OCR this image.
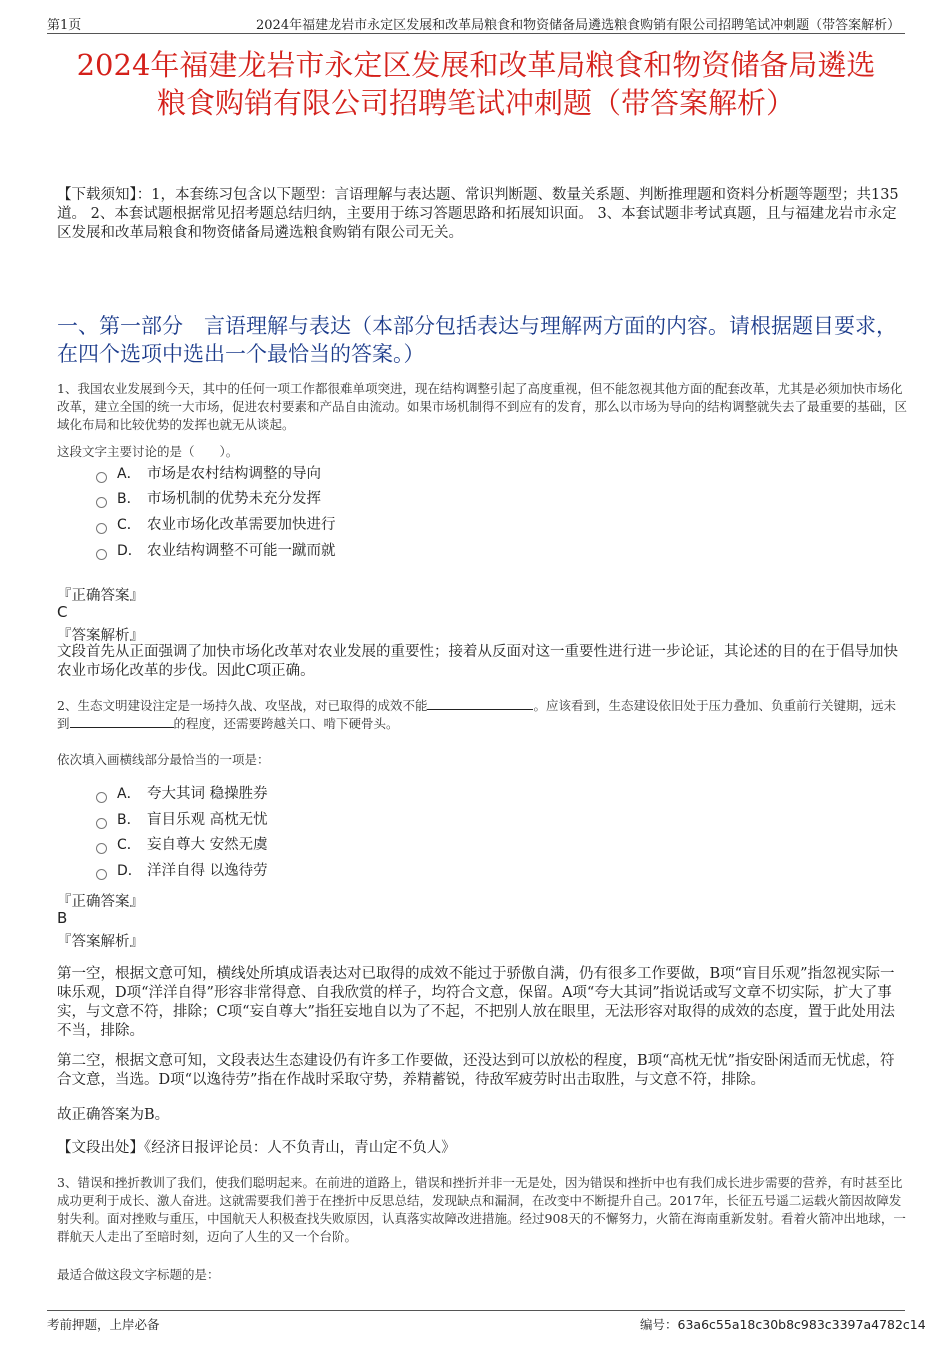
第1页	2024年福建龙岩市永定区发展和改革局粮食和物资储备局遴选粮食购销有限公司招聘笔试冲刺题（带答案解析）
2024年福建龙岩市永定区发展和改革局粮食和物资储备局遴选
粮食购销有限公司招聘笔试冲刺题（带答案解析）
【下载须知】：1，本套练习包含以下题型：言语理解与表达题、常识判断题、数量关系题、判断推理题和资料分析题等题型；共135道。 2、本套试题根据常见招考题总结归纳，主要用于练习答题思路和拓展知识面。 3、本套试题非考试真题，且与福建龙岩市永定区发展和改革局粮食和物资储备局遴选粮食购销有限公司无关。
一、第一部分　言语理解与表达（本部分包括表达与理解两方面的内容。请根据题目要求，在四个选项中选出一个最恰当的答案。）
1、我国农业发展到今天，其中的任何一项工作都很难单项突进，现在结构调整引起了高度重视，但不能忽视其他方面的配套改革，尤其是必须加快市场化改革，建立全国的统一大市场，促进农村要素和产品自由流动。如果市场机制得不到应有的发育，那么以市场为导向的结构调整就失去了最重要的基础，区域化布局和比较优势的发挥也就无从谈起。
这段文字主要讨论的是（　　）。
A． 市场是农村结构调整的导向
B． 市场机制的优势未充分发挥
C． 农业市场化改革需要加快进行
D． 农业结构调整不可能一蹴而就
『正确答案』
C
『答案解析』
文段首先从正面强调了加快市场化改革对农业发展的重要性；接着从反面对这一重要性进行进一步论证，其论述的目的在于倡导加快农业市场化改革的步伐。因此C项正确。
2、生态文明建设注定是一场持久战、攻坚战，对已取得的成效不能	。应该看到，生态建设依旧处于压力叠加、负重前行关键期，远未到	的程度，还需要跨越关口、啃下硬骨头。
依次填入画横线部分最恰当的一项是：
A． 夸大其词 稳操胜券
B． 盲目乐观 高枕无忧
C． 妄自尊大 安然无虞
D． 洋洋自得 以逸待劳
『正确答案』
B
『答案解析』
第一空，根据文意可知，横线处所填成语表达对已取得的成效不能过于骄傲自满，仍有很多工作要做，B项“盲目乐观”指忽视实际一味乐观，D项“洋洋自得”形容非常得意、自我欣赏的样子，均符合文意，保留。A项“夸大其词”指说话或写文章不切实际，扩大了事实，与文意不符，排除；C项“妄自尊大”指狂妄地自以为了不起，不把别人放在眼里，无法形容对取得的成效的态度，置于此处用法不当，排除。
第二空，根据文意可知，文段表达生态建设仍有许多工作要做，还没达到可以放松的程度，B项“高枕无忧”指安卧闲适而无忧虑，符合文意，当选。D项“以逸待劳”指在作战时采取守势，养精蓄锐，待敌军疲劳时出击取胜，与文意不符，排除。
故正确答案为B。
【文段出处】《经济日报评论员：人不负青山，青山定不负人》
3、错误和挫折教训了我们，使我们聪明起来。在前进的道路上，错误和挫折并非一无是处，因为错误和挫折中也有我们成长进步需要的营养，有时甚至比成功更利于成长、激人奋进。这就需要我们善于在挫折中反思总结，发现缺点和漏洞，在改变中不断提升自己。2017年，长征五号遥二运载火箭因故障发射失利。面对挫败与重压，中国航天人积极查找失败原因，认真落实故障改进措施。经过908天的不懈努力，火箭在海南重新发射。看着火箭冲出地球，一群航天人走出了至暗时刻，迈向了人生的又一个台阶。
最适合做这段文字标题的是：
考前押题，上岸必备	编号：63a6c55a18c30b8c983c3397a4782c14
